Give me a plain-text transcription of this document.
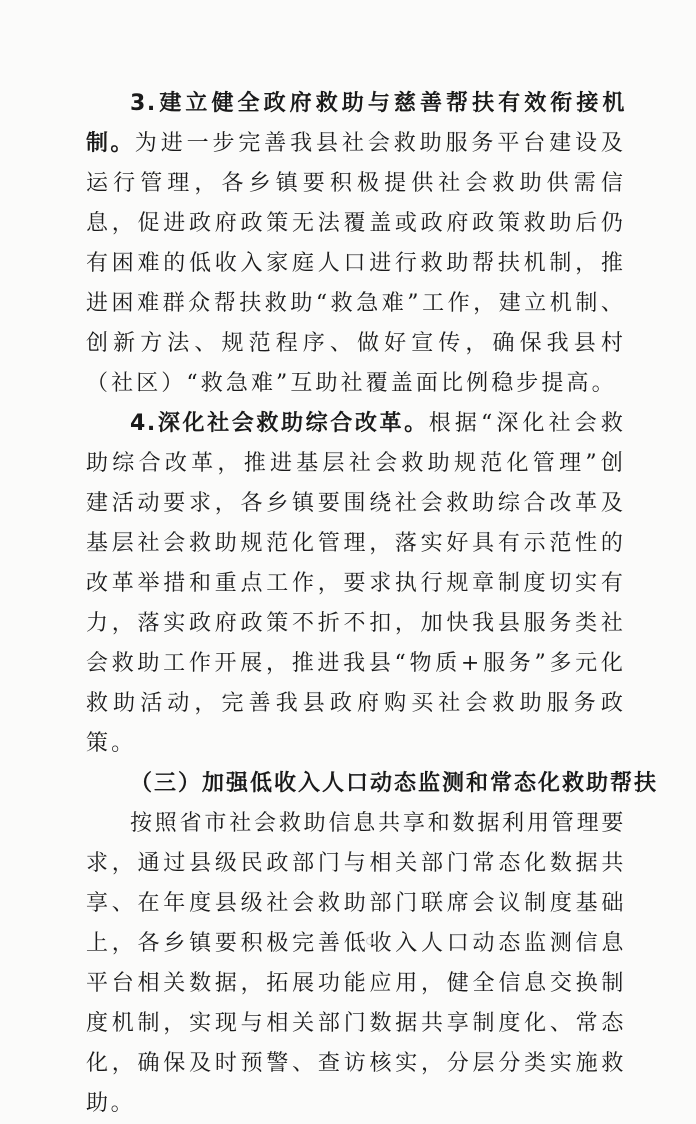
3.建立健全政府救助与慈善帮扶有效衔接机制。为进一步完善我县社会救助服务平台建设及运行管理，各乡镇要积极提供社会救助供需信息，促进政府政策无法覆盖或政府政策救助后仍有困难的低收入家庭人口进行救助帮扶机制，推进困难群众帮扶救助“救急难”工作，建立机制、创新方法、规范程序、做好宣传，确保我县村（社区）“救急难”互助社覆盖面比例稳步提高。

4.深化社会救助综合改革。根据“深化社会救助综合改革，推进基层社会救助规范化管理”创建活动要求，各乡镇要围绕社会救助综合改革及基层社会救助规范化管理，落实好具有示范性的改革举措和重点工作，要求执行规章制度切实有力，落实政府政策不折不扣，加快我县服务类社会救助工作开展，推进我县“物质+服务”多元化救助活动，完善我县政府购买社会救助服务政策。

（三）加强低收入人口动态监测和常态化救助帮扶

按照省市社会救助信息共享和数据利用管理要求，通过县级民政部门与相关部门常态化数据共享、在年度县级社会救助部门联席会议制度基础上，各乡镇要积极完善低收入人口动态监测信息平台相关数据，拓展功能应用，健全信息交换制度机制，实现与相关部门数据共享制度化、常态化，确保及时预警、查访核实，分层分类实施救助。
